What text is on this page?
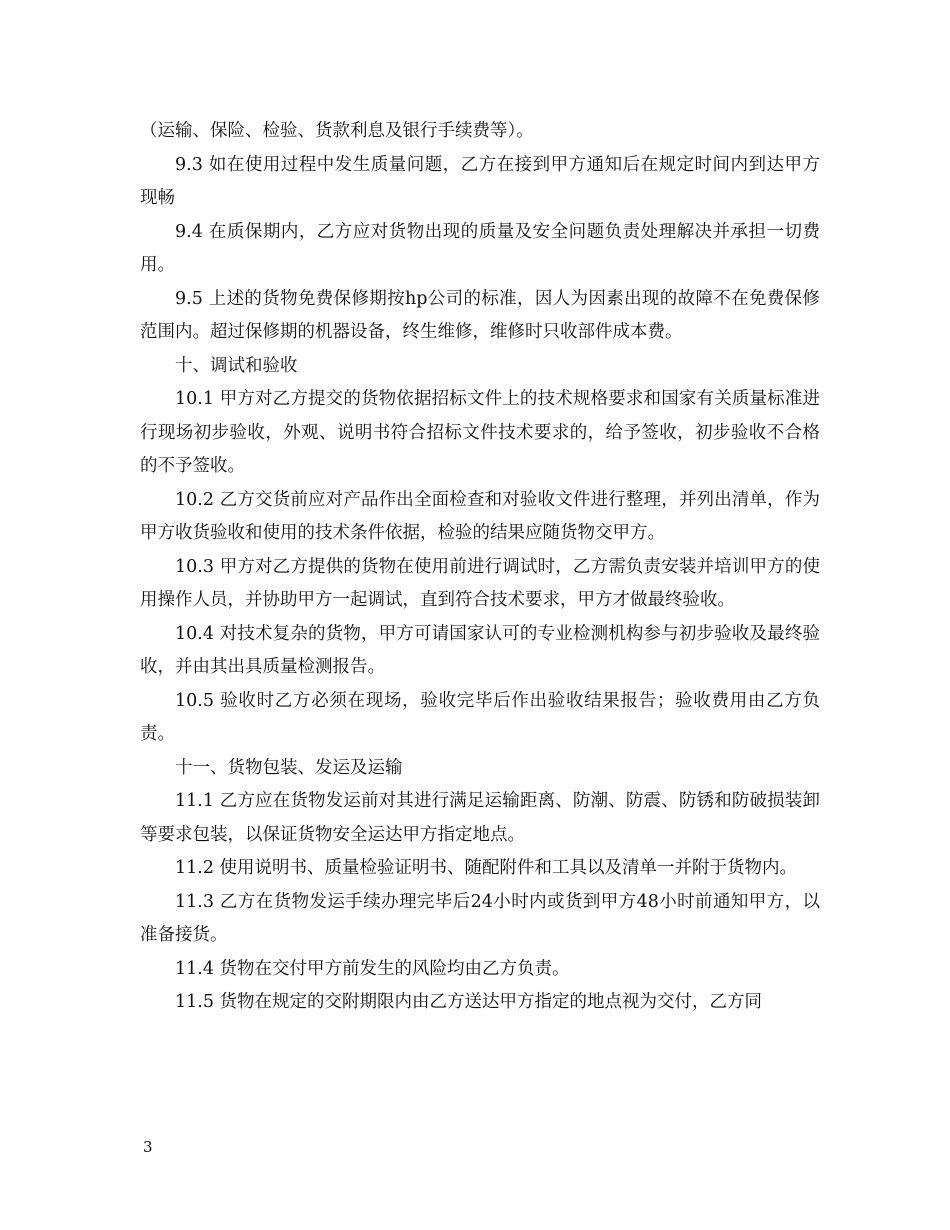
（运输、保险、检验、货款利息及银行手续费等）。

9.3 如在使用过程中发生质量问题，乙方在接到甲方通知后在规定时间内到达甲方现畅

9.4 在质保期内，乙方应对货物出现的质量及安全问题负责处理解决并承担一切费用。

9.5 上述的货物免费保修期按hp公司的标准，因人为因素出现的故障不在免费保修范围内。超过保修期的机器设备，终生维修，维修时只收部件成本费。

十、调试和验收

10.1 甲方对乙方提交的货物依据招标文件上的技术规格要求和国家有关质量标准进行现场初步验收，外观、说明书符合招标文件技术要求的，给予签收，初步验收不合格的不予签收。

10.2 乙方交货前应对产品作出全面检查和对验收文件进行整理，并列出清单，作为甲方收货验收和使用的技术条件依据，检验的结果应随货物交甲方。

10.3 甲方对乙方提供的货物在使用前进行调试时，乙方需负责安装并培训甲方的使用操作人员，并协助甲方一起调试，直到符合技术要求，甲方才做最终验收。

10.4 对技术复杂的货物，甲方可请国家认可的专业检测机构参与初步验收及最终验收，并由其出具质量检测报告。

10.5 验收时乙方必须在现场，验收完毕后作出验收结果报告；验收费用由乙方负责。

十一、货物包装、发运及运输

11.1 乙方应在货物发运前对其进行满足运输距离、防潮、防震、防锈和防破损装卸等要求包装，以保证货物安全运达甲方指定地点。

11.2 使用说明书、质量检验证明书、随配附件和工具以及清单一并附于货物内。

11.3 乙方在货物发运手续办理完毕后24小时内或货到甲方48小时前通知甲方，以准备接货。

11.4 货物在交付甲方前发生的风险均由乙方负责。

11.5 货物在规定的交附期限内由乙方送达甲方指定的地点视为交付，乙方同

3
